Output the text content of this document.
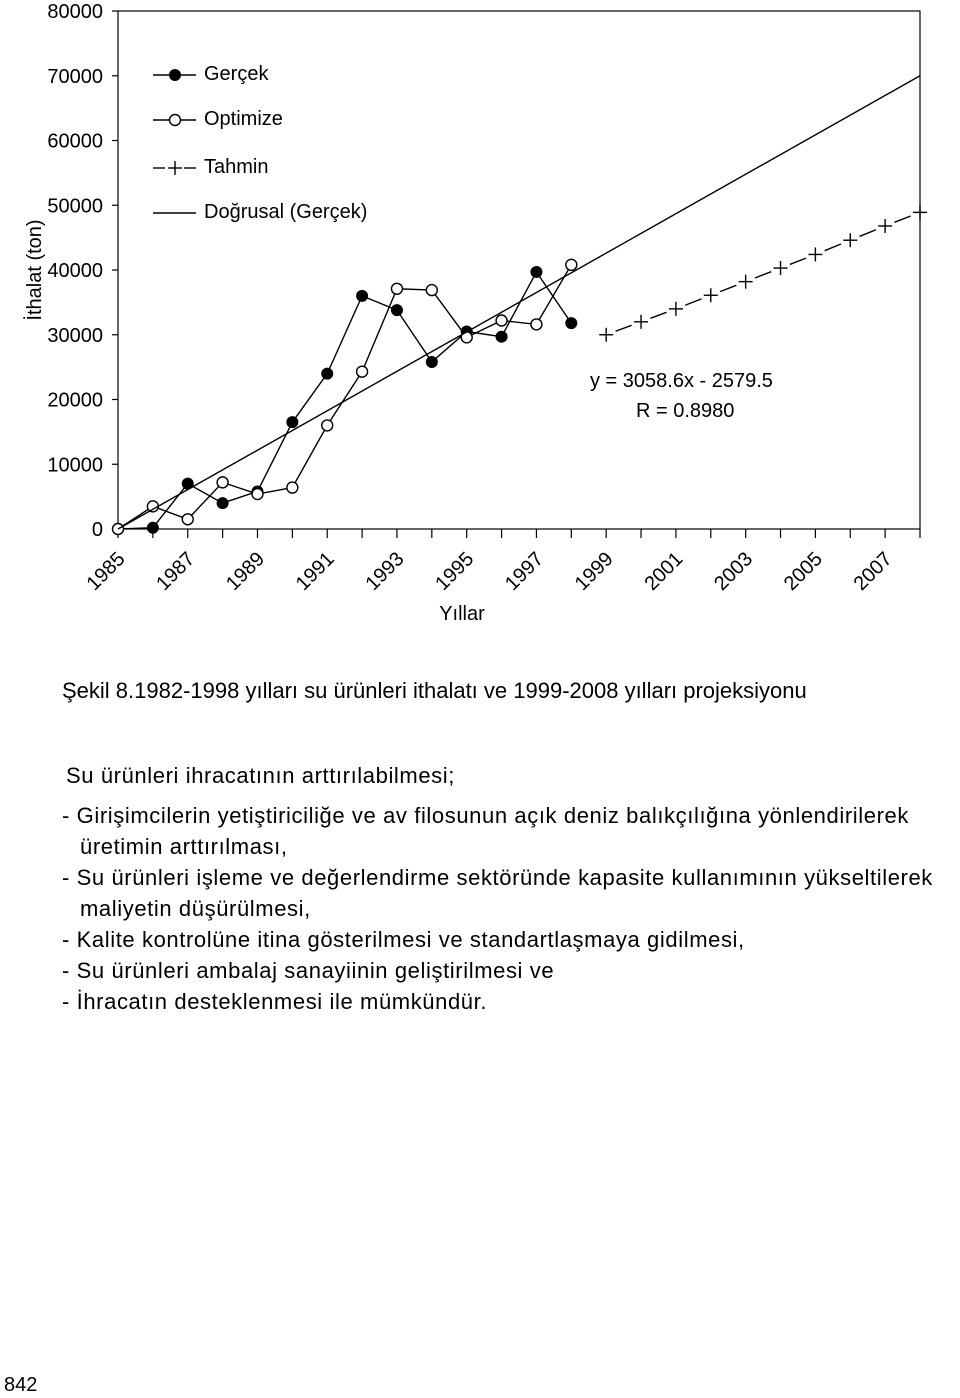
0
10000
20000
30000
40000
50000
60000
70000
80000
1985 1987 1989 1991 1993 1995 1997 1999 2001 2003 2005 2007
İthalat (ton)
Yıllar
y = 3058.6x - 2579.5
R = 0.8980
Gerçek
Optimize
Tahmin
Doğrusal (Gerçek)
Şekil 8.1982-1998 yılları su ürünleri ithalatı ve 1999-2008 yılları projeksiyonu

Su ürünleri ihracatının arttırılabilmesi;

- Girişimcilerin yetiştiriciliğe ve av filosunun açık deniz balıkçılığına yönlendirilerek üretimin arttırılması,
- Su ürünleri işleme ve değerlendirme sektöründe kapasite kullanımının yükseltilerek maliyetin düşürülmesi,
- Kalite kontrolüne itina gösterilmesi ve standartlaşmaya gidilmesi,
- Su ürünleri ambalaj sanayiinin geliştirilmesi ve
- İhracatın desteklenmesi ile mümkündür.
842
